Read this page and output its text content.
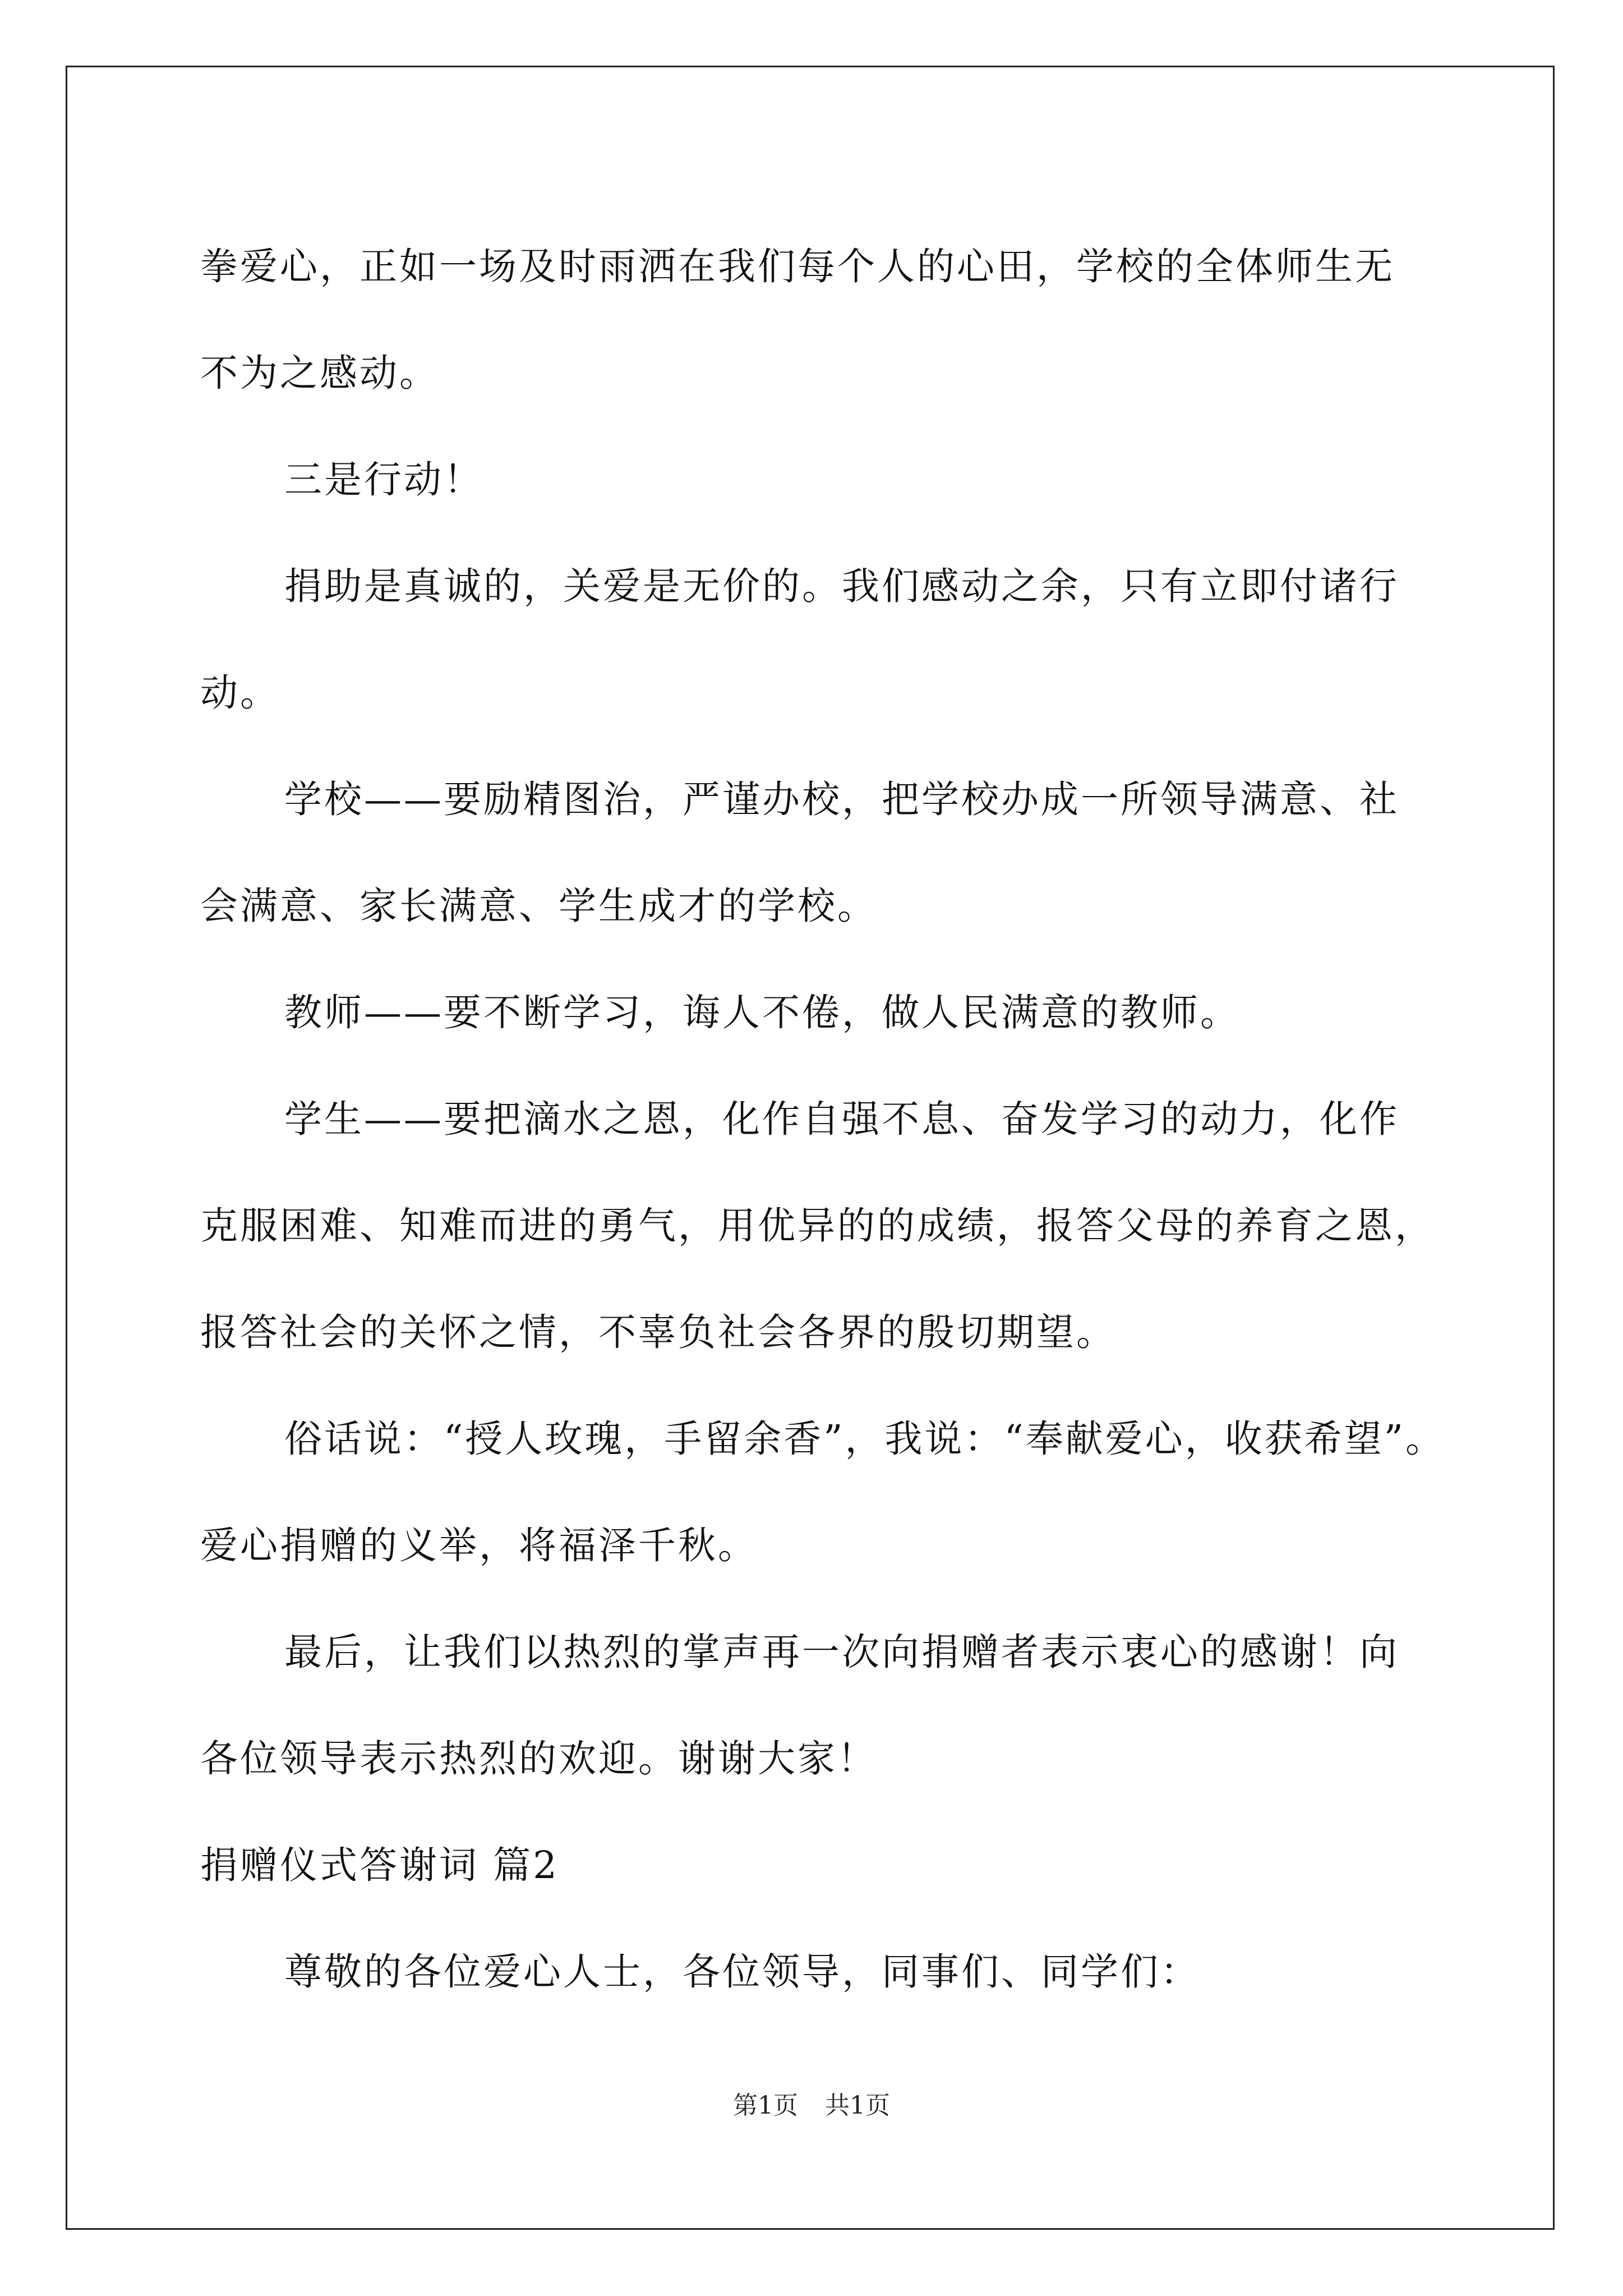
拳爱心，正如一场及时雨洒在我们每个人的心田，学校的全体师生无

不为之感动。

三是行动！

捐助是真诚的，关爱是无价的。我们感动之余，只有立即付诸行

动。

学校——要励精图治，严谨办校，把学校办成一所领导满意、社

会满意、家长满意、学生成才的学校。

教师——要不断学习，诲人不倦，做人民满意的教师。

学生——要把滴水之恩，化作自强不息、奋发学习的动力，化作

克服困难、知难而进的勇气，用优异的的成绩，报答父母的养育之恩，

报答社会的关怀之情，不辜负社会各界的殷切期望。

俗话说：“授人玫瑰，手留余香”，我说：“奉献爱心，收获希望”。

爱心捐赠的义举，将福泽千秋。

最后，让我们以热烈的掌声再一次向捐赠者表示衷心的感谢！向

各位领导表示热烈的欢迎。谢谢大家！

捐赠仪式答谢词 篇2

尊敬的各位爱心人士，各位领导，同事们、同学们：

第1页 共1页
